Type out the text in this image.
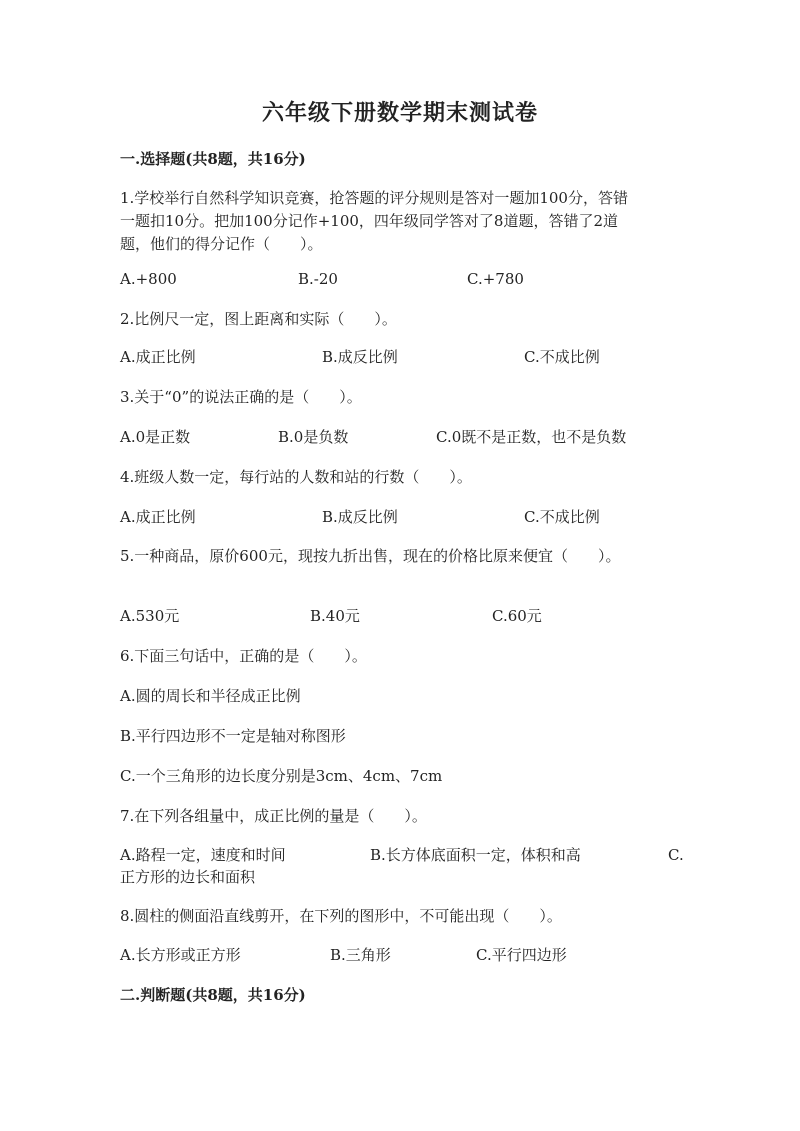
六年级下册数学期末测试卷
一.选择题(共8题，共16分)
1.学校举行自然科学知识竞赛，抢答题的评分规则是答对一题加100分，答错
一题扣10分。把加100分记作+100，四年级同学答对了8道题，答错了2道
题，他们的得分记作（　　）。
A.+800	B.-20	C.+780
2.比例尺一定，图上距离和实际（　　）。
A.成正比例	B.成反比例	C.不成比例
3.关于“0”的说法正确的是（　　）。
A.0是正数	B.0是负数	C.0既不是正数，也不是负数
4.班级人数一定，每行站的人数和站的行数（　　）。
A.成正比例	B.成反比例	C.不成比例
5.一种商品，原价600元，现按九折出售，现在的价格比原来便宜（　　）。
A.530元	B.40元	C.60元
6.下面三句话中，正确的是（　　）。
A.圆的周长和半径成正比例
B.平行四边形不一定是轴对称图形
C.一个三角形的边长度分别是3cm、4cm、7cm
7.在下列各组量中，成正比例的量是（　　）。
A.路程一定，速度和时间	B.长方体底面积一定，体积和高	C.
正方形的边长和面积
8.圆柱的侧面沿直线剪开，在下列的图形中，不可能出现（　　）。
A.长方形或正方形	B.三角形	C.平行四边形
二.判断题(共8题，共16分)
